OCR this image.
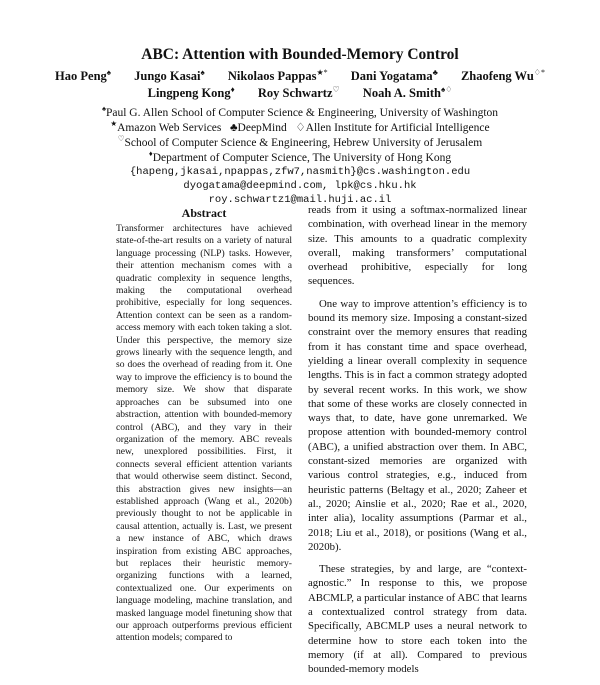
ABC: Attention with Bounded-Memory Control
Hao Peng♠ Jungo Kasai♠ Nikolaos Pappas★* Dani Yogatama♣ Zhaofeng Wu♢*
Lingpeng Kong♦ Roy Schwartz♡ Noah A. Smith♠♢
♠Paul G. Allen School of Computer Science & Engineering, University of Washington
★Amazon Web Services   ♣DeepMind   ♢Allen Institute for Artificial Intelligence
♡School of Computer Science & Engineering, Hebrew University of Jerusalem
♦Department of Computer Science, The University of Hong Kong
{hapeng,jkasai,npappas,zfw7,nasmith}@cs.washington.edu
dyogatama@deepmind.com, lpk@cs.hku.hk
roy.schwartz1@mail.huji.ac.il
Abstract
Transformer architectures have achieved state-of-the-art results on a variety of natural language processing (NLP) tasks. However, their attention mechanism comes with a quadratic complexity in sequence lengths, making the computational overhead prohibitive, especially for long sequences. Attention context can be seen as a random-access memory with each token taking a slot. Under this perspective, the memory size grows linearly with the sequence length, and so does the overhead of reading from it. One way to improve the efficiency is to bound the memory size. We show that disparate approaches can be subsumed into one abstraction, attention with bounded-memory control (ABC), and they vary in their organization of the memory. ABC reveals new, unexplored possibilities. First, it connects several efficient attention variants that would otherwise seem distinct. Second, this abstraction gives new insights—an established approach (Wang et al., 2020b) previously thought to not be applicable in causal attention, actually is. Last, we present a new instance of ABC, which draws inspiration from existing ABC approaches, but replaces their heuristic memory-organizing functions with a learned, contextualized one. Our experiments on language modeling, machine translation, and masked language model finetuning show that our approach outperforms previous efficient attention models; compared to

reads from it using a softmax-normalized linear combination, with overhead linear in the memory size. This amounts to a quadratic complexity overall, making transformers’ computational overhead prohibitive, especially for long sequences.

One way to improve attention’s efficiency is to bound its memory size. Imposing a constant-sized constraint over the memory ensures that reading from it has constant time and space overhead, yielding a linear overall complexity in sequence lengths. This is in fact a common strategy adopted by several recent works. In this work, we show that some of these works are closely connected in ways that, to date, have gone unremarked. We propose attention with bounded-memory control (ABC), a unified abstraction over them. In ABC, constant-sized memories are organized with various control strategies, e.g., induced from heuristic patterns (Beltagy et al., 2020; Zaheer et al., 2020; Ainslie et al., 2020; Rae et al., 2020, inter alia), locality assumptions (Parmar et al., 2018; Liu et al., 2018), or positions (Wang et al., 2020b).

These strategies, by and large, are “context-agnostic.” In response to this, we propose ABCMLP, a particular instance of ABC that learns a contextualized control strategy from data. Specifically, ABCMLP uses a neural network to determine how to store each token into the memory (if at all). Compared to previous bounded-memory models
